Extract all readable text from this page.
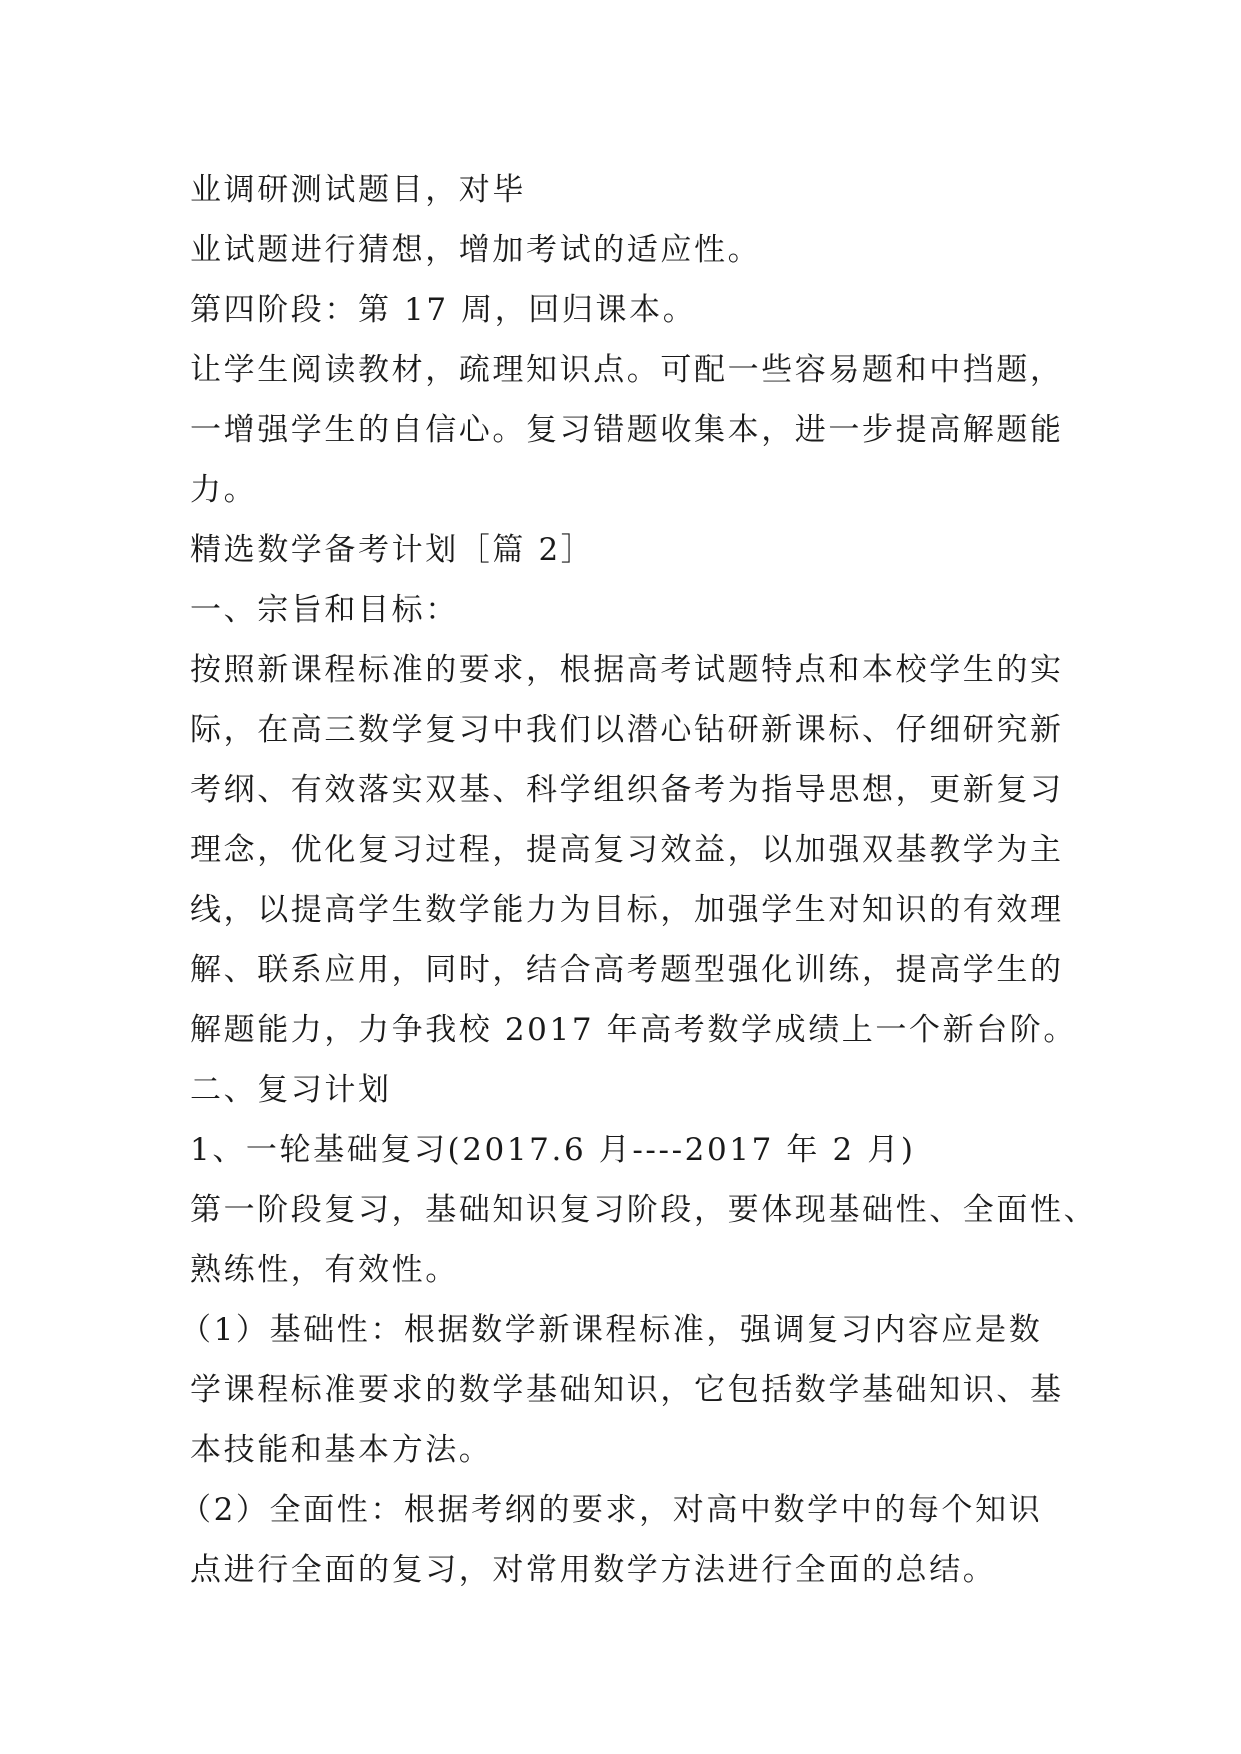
业调研测试题目，对毕
业试题进行猜想，增加考试的适应性。
第四阶段：第 17 周，回归课本。
让学生阅读教材，疏理知识点。可配一些容易题和中挡题，
一增强学生的自信心。复习错题收集本，进一步提高解题能
力。
精选数学备考计划［篇 2］
一、宗旨和目标：
按照新课程标准的要求，根据高考试题特点和本校学生的实
际，在高三数学复习中我们以潜心钻研新课标、仔细研究新
考纲、有效落实双基、科学组织备考为指导思想，更新复习
理念，优化复习过程，提高复习效益，以加强双基教学为主
线，以提高学生数学能力为目标，加强学生对知识的有效理
解、联系应用，同时，结合高考题型强化训练，提高学生的
解题能力，力争我校 2017 年高考数学成绩上一个新台阶。
二、复习计划
1、一轮基础复习(2017.6 月----2017 年 2 月)
第一阶段复习，基础知识复习阶段，要体现基础性、全面性、
熟练性，有效性。
（1）基础性：根据数学新课程标准，强调复习内容应是数
学课程标准要求的数学基础知识，它包括数学基础知识、基
本技能和基本方法。
（2）全面性：根据考纲的要求，对高中数学中的每个知识
点进行全面的复习，对常用数学方法进行全面的总结。
